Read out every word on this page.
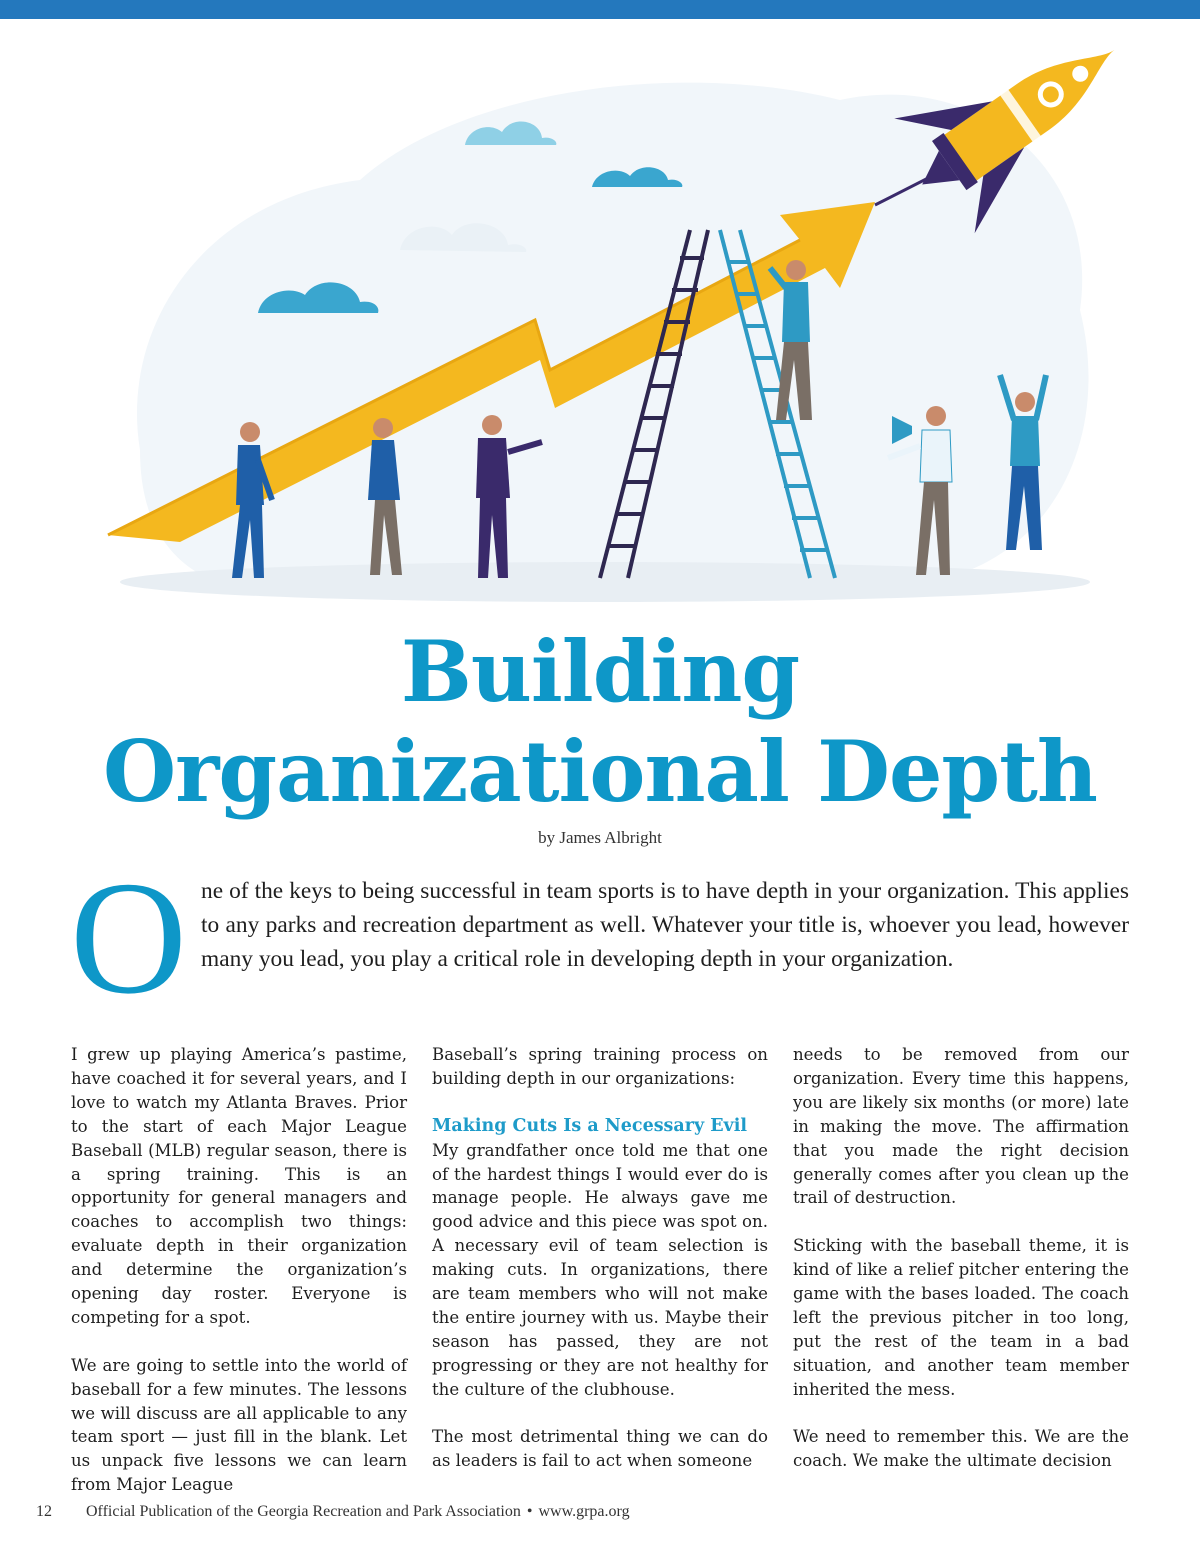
Building
Organizational Depth
by James Albright
O ne of the keys to being successful in team sports is to have depth in your organization. This applies to any parks and recreation department as well. Whatever your title is, whoever you lead, however many you lead, you play a critical role in developing depth in your organization.

I grew up playing America’s pastime, have coached it for several years, and I love to watch my Atlanta Braves. Prior to the start of each Major League Baseball (MLB) regular season, there is a spring training. This is an opportunity for general managers and coaches to accomplish two things: evaluate depth in their organization and determine the organization’s opening day roster. Everyone is competing for a spot.

We are going to settle into the world of baseball for a few minutes. The lessons we will discuss are all applicable to any team sport — just fill in the blank. Let us unpack five lessons we can learn from Major League

Baseball’s spring training process on building depth in our organizations:

Making Cuts Is a Necessary Evil

My grandfather once told me that one of the hardest things I would ever do is manage people. He always gave me good advice and this piece was spot on. A necessary evil of team selection is making cuts. In organizations, there are team members who will not make the entire journey with us. Maybe their season has passed, they are not progressing or they are not healthy for the culture of the clubhouse.

The most detrimental thing we can do as leaders is fail to act when someone

needs to be removed from our organization. Every time this happens, you are likely six months (or more) late in making the move. The affirmation that you made the right decision generally comes after you clean up the trail of destruction.

Sticking with the baseball theme, it is kind of like a relief pitcher entering the game with the bases loaded. The coach left the previous pitcher in too long, put the rest of the team in a bad situation, and another team member inherited the mess.

We need to remember this. We are the coach. We make the ultimate decision

12 Official Publication of the Georgia Recreation and Park Association • www.grpa.org
